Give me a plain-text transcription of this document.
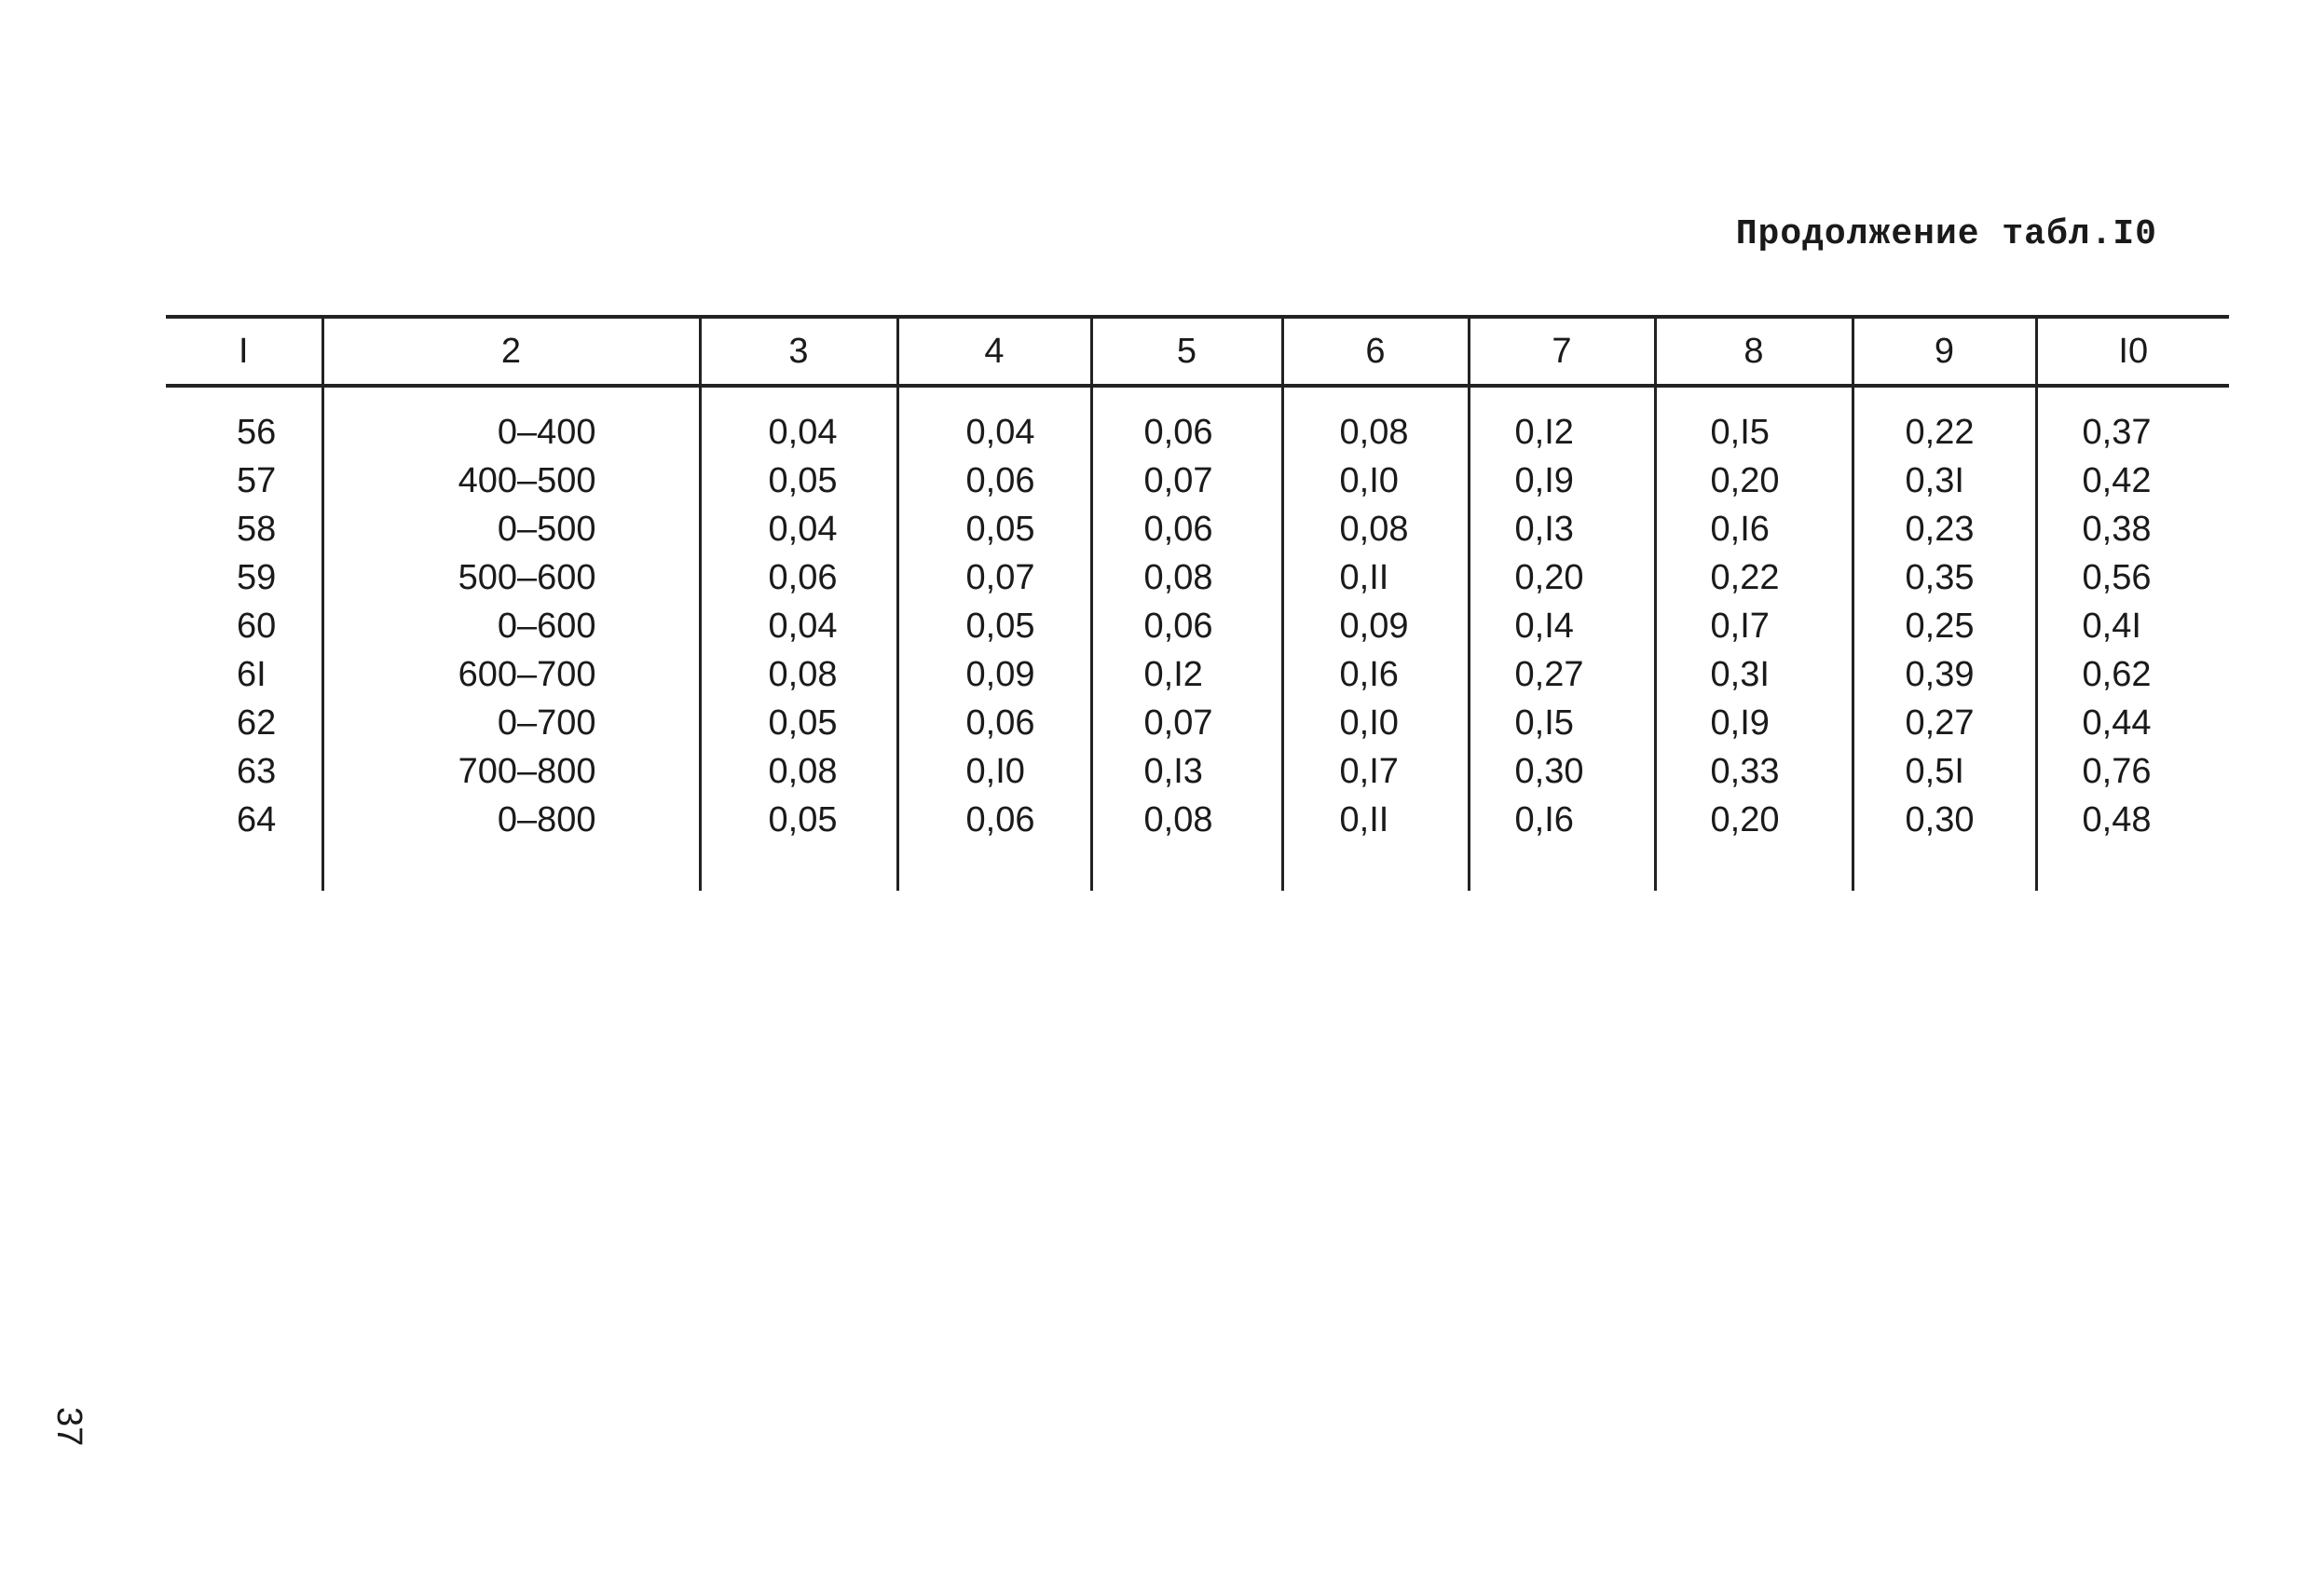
Продолжение табл.I0
I	2	3	4	5	6	7	8	9	I0
56	0–400	0,04	0,04	0,06	0,08	0,I2	0,I5	0,22	0,37
57	400–500	0,05	0,06	0,07	0,I0	0,I9	0,20	0,3I	0,42
58	0–500	0,04	0,05	0,06	0,08	0,I3	0,I6	0,23	0,38
59	500–600	0,06	0,07	0,08	0,II	0,20	0,22	0,35	0,56
60	0–600	0,04	0,05	0,06	0,09	0,I4	0,I7	0,25	0,4I
6I	600–700	0,08	0,09	0,I2	0,I6	0,27	0,3I	0,39	0,62
62	0–700	0,05	0,06	0,07	0,I0	0,I5	0,I9	0,27	0,44
63	700–800	0,08	0,I0	0,I3	0,I7	0,30	0,33	0,5I	0,76
64	0–800	0,05	0,06	0,08	0,II	0,I6	0,20	0,30	0,48

37
